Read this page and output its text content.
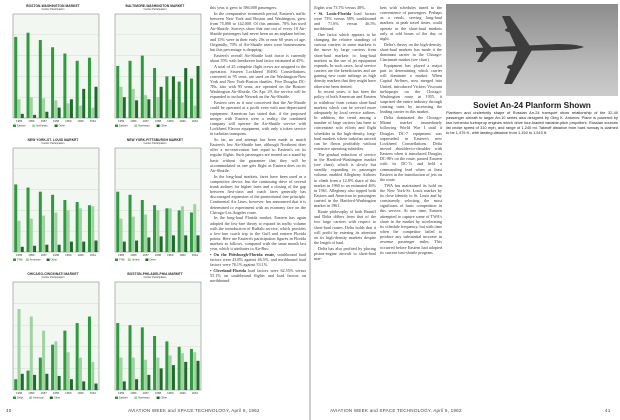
BOSTON-WASHINGTON MARKET
Carrier Participation
1955 1956 1957 1958 1959 1960 1961
Eastern	Northeast	Other
BALTIMORE-WASHINGTON MARKET
Carrier Participation
1955 1956 1957 1958 1959 1960 1961
Eastern	Northeast	Other
NEW YORK-ST. LOUIS MARKET
Carrier Participation
1955 1956 1957 1958 1959 1960 1961
TWA	American	Other
NEW YORK-PITTSBURGH MARKET
Carrier Participation
1955 1956 1957 1958 1959 1960 1961
TWA	United	Other
CHICAGO-CINCINNATI MARKET
Carrier Participation
1955 1956 1957 1958 1959 1960 1961
Delta	American	Other
BOSTON-PHILADELPHIA MARKET
Carrier Participation
1955 1956 1957 1958 1959 1960 1961
Eastern	Northeast	Other

this year, it grew to 586,000 passengers.

In the comparative twomonth period, Eastern's traffic between New York and Boston and Washington, grew from 75,000 to 142,000. Of this amount, 70% has used Air-Shuttle. Surveys show that one out of every 10 Air-Shuttle passengers had never been on an airplane before, and 15% were in their early 20s or near 60 years of age. Originally, 70% of Air-Shuttle users were businessmen, but this percentage is dropping.

Eastern's overall Air-Shuttle load factor is currently about 55% with breakeven load factor estimated at 45%.

A total of 25 complete flight crews are assigned to the operation. Sixteen Lockheed 1049G Constellations, converted to 95 seats, are used on the Washington-New York and New York-Boston shuttles. Five Douglas DC-7Bs, also with 95 seats, are operated on the Boston-Washington Air-Shuttle. On Apr. 29, the service will be expanded to include Newark on the Air-Shuttle.

Eastern sees as it now conceived that the Air-Shuttle could be operated at a profit even with non-depreciated equipment. American has stated that, if the proposed merger with Eastern were a reality, the combined company will operate the Air-Shuttle service with Lockheed Electra equipment, with only a token service in turbofan transports.

So far, no real attempt has been made to match Eastern's low Air-Shuttle fare, although Northeast does offer a no-reservation fare equal to Eastern's on its regular flights. Such passengers are treated on a stand-by basis without the guarantee that they will be accommodated as one gets flight as Eastern does on its Air-Shuttle.

In the long-haul markets, fares have been used as a competitive device, but the continuing drive of several trunk airlines for higher fares and a closing of the gap between first-class and coach fares generally has discouraged expansion of the promotional fare principle. Continental Air Lines, however, has announced that it is determined to experiment with an economy fare on the Chicago-Los Angeles route.

In the long-haul Florida market, Eastern has again adopted the low-fare theory to expand its traffic volume with the introduction of Buffalo service, which provides a low-fare coach trip to the Gulf and eastern Florida points. Here are Eastern's participation figures in Florida markets as follows, compared with the same month last year, which it attributes to Air-Bus:

• On the Pittsburgh-Florida route, southbound load factors were 43.8% against 46.5%, and northbound load factors were 76.1% against 53.1%.

• Cleveland-Florida load factors were 62.55% versus 55.1% on southbound flights and load factors on northbound

flights was 73.7% versus 48%.

• St. Louis-Florida load factors were 73% versus 58% southbound and 71.6% versus 46.5% northbound.

One factor which appears to be changing the relative standings of various carriers in some markets is the move by large carriers from short-haul markets to long-haul markets as the use of jet equipment expands. In such cases, local service carriers are the beneficiaries and are gaining new route mileage as high density markets that they might have otherwise been denied.

In recent years, it has been the policy of both American and Eastern to withdraw from certain short-haul markets which can be served more adequately by local service airlines. In addition, the trend among a number of large carriers has been to concentrate solo efforts and flight schedules in the high-density, long-haul markets where turbofan aircraft can be flown profitably without extensive operating subsidies.

The gradual reduction of service in the Hartford-Washington market (see chart), which is slowly but steadily expanding in passenger volume, enabled Allegheny Airlines to climb from a 12.8% share of this market in 1960 to an estimated 46% in 1961. Allegheny also topped both Eastern and American in passengers carried in the Hartford-Washington market in 1961.

Route philosophy of both Braniff and Delta differs from that of the two large carriers with respect to short-haul routes. Delta holds that it will profit by entering its attention on its high-density markets despite the length of haul.

Delta has also profited by placing piston-engine aircraft to short-haul mar-

kets with schedules tuned to the convenience of passengers. Perhaps as a result, serving long-haul markets, at peak travel times, could operate in the short-haul markets only at odd hours of the day or night.

Delta's theory on the high-density, short-haul markets has made it the dominant carrier in the Chicago-Cincinnati market (see chart).

Equipment has played a major part in determining which carrier will dominate a market. When Capital Airlines, now merged into United, introduced Vickers Viscount turboprops on the Chicago-Washington route in 1955, it surprised the entire industry through causing rates by increasing the leading carrier in this market.

Delta dominated the Chicago-Miami market immediately following World War I until it Douglas DC-7 equipment was superseded in Eastern's new Lockheed Constellations. Delta moved shoulder-to-shoulder with Eastern when it introduced Douglas DC-8Fs on the route, passed Eastern with its DC-7s and held a commanding lead when at least Eastern in the introduction of jets on the route.

TWA has maintained its hold on the New York-St. Louis market by its close identity to St. Louis and by consistently selecting the most significant of basic competition in this service. At one time, Eastern attempted to capture some of TWA's share in the market by accelerating its schedule frequency, but with time when the competitor failed to produce any substantial increase in revenue passenger miles. This occurred before Eastern had adopted its current vast-shuttle program.

Soviet An-24 Planform Shown
Planform and underbelly shape of Russian An-24 transport show relationship of the 32-40 passenger aircraft to larger An-10 series also designed by Oleg K. Antonov. Plane is powered by two Ivchenko turboprop engines which drive four-bladed variable-pitch propellers. Russian sources list cruise speed of 310 mph, and range of 1,240 mi. Takeoff distance from hard runway is claimed to be 1,475 ft., with landing distance from 1,150 to 1,510 ft.
40	AVIATION WEEK and SPACE TECHNOLOGY, April 9, 1962	AVIATION WEEK and SPACE TECHNOLOGY, April 9, 1962	41
